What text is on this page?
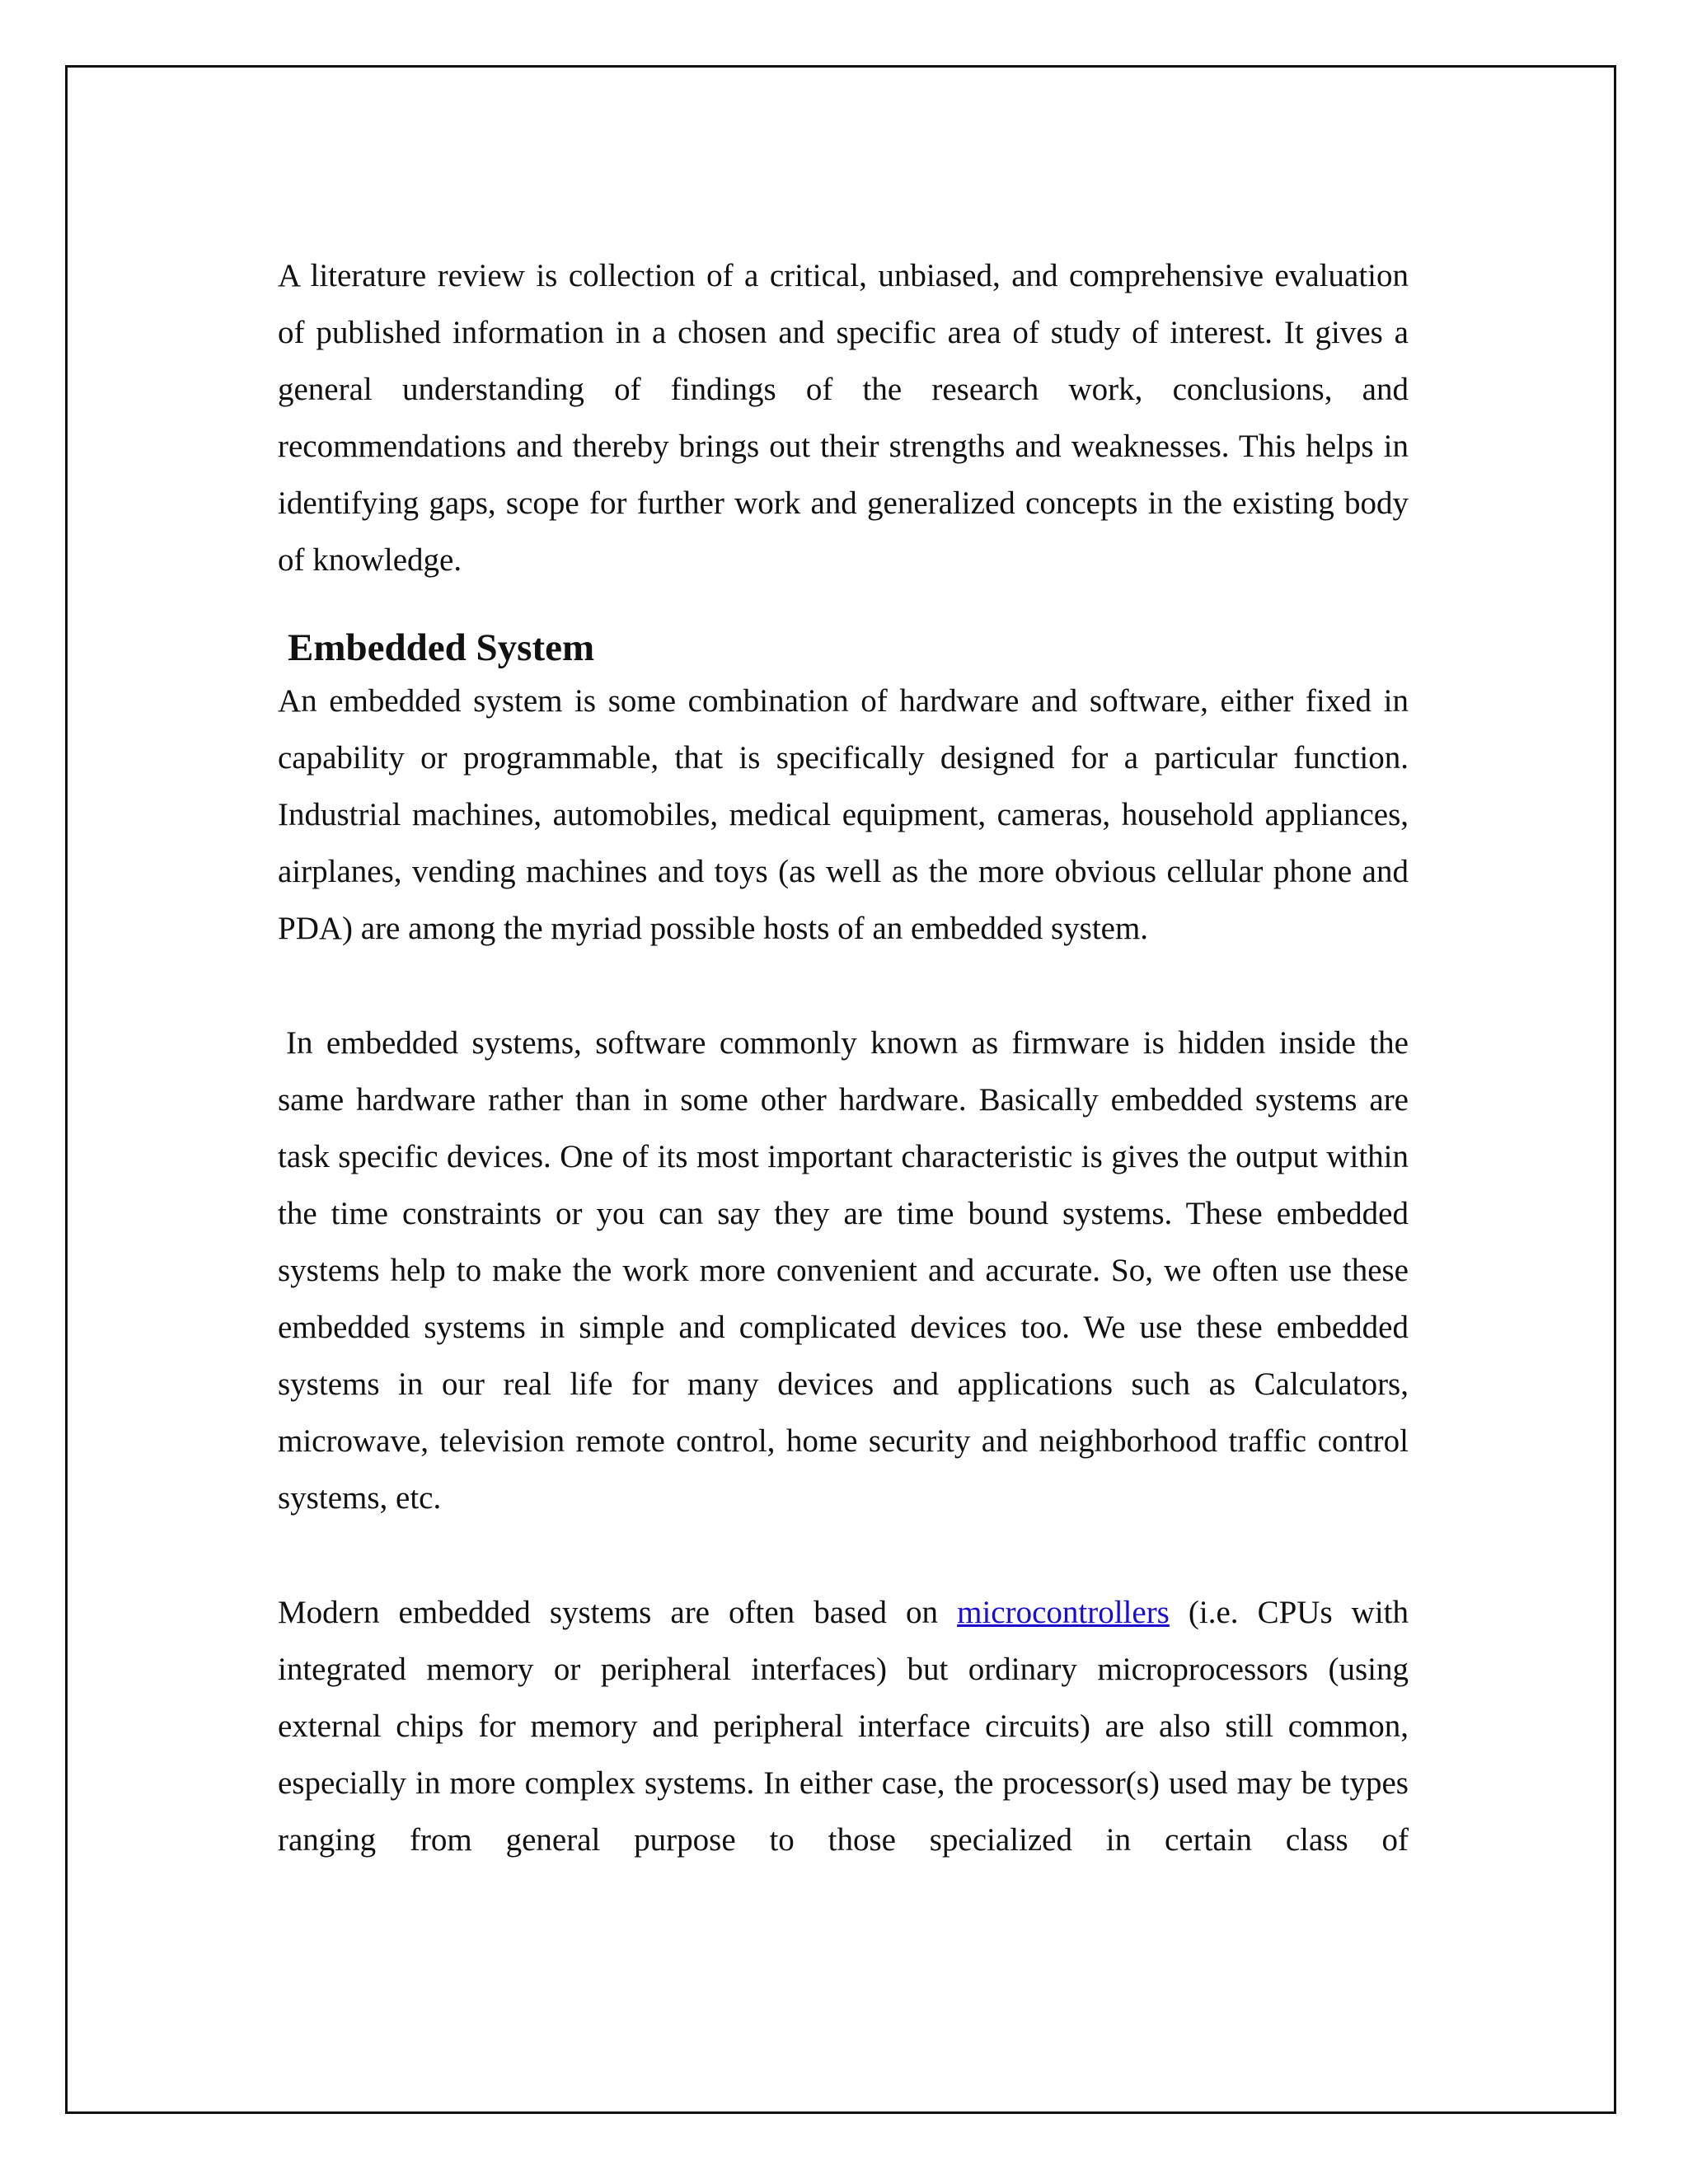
A literature review is collection of a critical, unbiased, and comprehensive evaluation of published information in a chosen and specific area of study of interest. It gives a general understanding of findings of the research work, conclusions, and recommendations and thereby brings out their strengths and weaknesses. This helps in identifying gaps, scope for further work and generalized concepts in the existing body of knowledge.

Embedded System

An embedded system is some combination of hardware and software, either fixed in capability or programmable, that is specifically designed for a particular function. Industrial machines, automobiles, medical equipment, cameras, household appliances, airplanes, vending machines and toys (as well as the more obvious cellular phone and PDA) are among the myriad possible hosts of an embedded system.

In embedded systems, software commonly known as firmware is hidden inside the same hardware rather than in some other hardware. Basically embedded systems are task specific devices. One of its most important characteristic is gives the output within the time constraints or you can say they are time bound systems. These embedded systems help to make the work more convenient and accurate. So, we often use these embedded systems in simple and complicated devices too. We use these embedded systems in our real life for many devices and applications such as Calculators, microwave, television remote control, home security and neighborhood traffic control systems, etc.

Modern embedded systems are often based on microcontrollers (i.e. CPUs with integrated memory or peripheral interfaces) but ordinary microprocessors (using external chips for memory and peripheral interface circuits) are also still common, especially in more complex systems. In either case, the processor(s) used may be types ranging from general purpose to those specialized in certain class of
